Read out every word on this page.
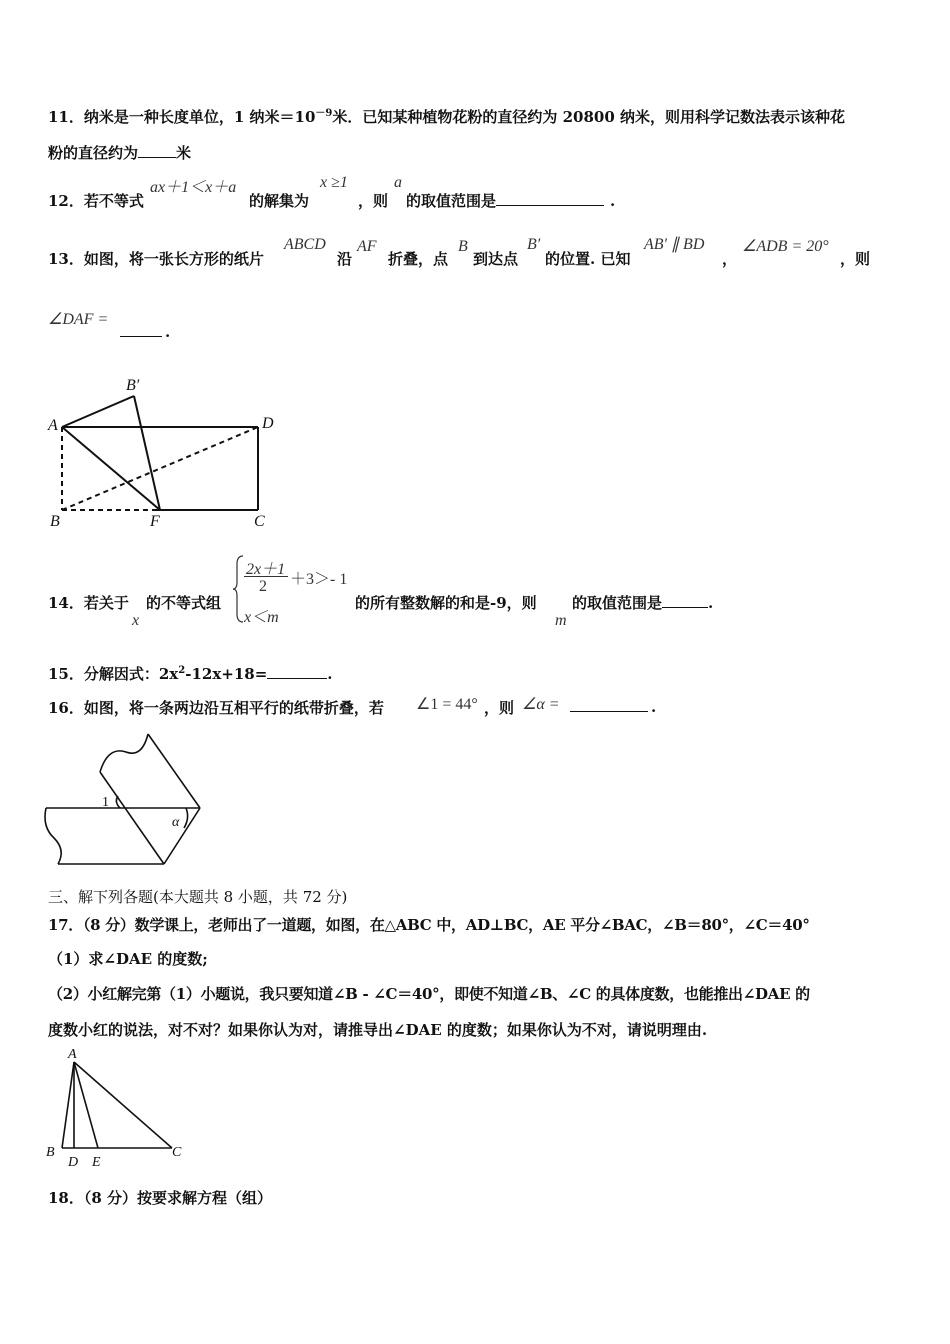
11．纳米是一种长度单位，1 纳米$=10^{-9}$米．已知某种植物花粉的直径约为 20800 纳米，则用科学记数法表示该种花
粉的直径约为	米
12．若不等式
ax＋1＜x＋a
的解集为
x ≥1
，则
a
的取值范围是	.
13．如图，将一张长方形的纸片
ABCD
沿
AF
折叠，点
B
到达点
B′
的位置. 已知
AB′ ∥ BD
，
∠ADB = 20°
，则
∠DAF =
.
A
B′
D
B	F	C
14．若关于
x
的不等式组
2x＋1
2 ＋3＞- 1
x＜m
的所有整数解的和是-9，则
m
的取值范围是	.
15．分解因式：$2x^2-12x+18=$	.
16．如图，将一条两边沿互相平行的纸带折叠，若 ∠1 = 44° ，则 ∠α =	.
1
α
三、解下列各题(本大题共 8 小题，共 72 分)
17．（8 分）数学课上，老师出了一道题，如图，在△ABC 中，AD⊥BC，AE 平分∠BAC，∠B＝80°，∠C＝40°
（1）求∠DAE 的度数;
（2）小红解完第（1）小题说，我只要知道∠B - ∠C＝40°，即使不知道∠B、∠C 的具体度数，也能推出∠DAE 的
度数小红的说法，对不对？如果你认为对，请推导出∠DAE 的度数；如果你认为不对，请说明理由.
A
B
D E
C
18．（8 分）按要求解方程（组）
